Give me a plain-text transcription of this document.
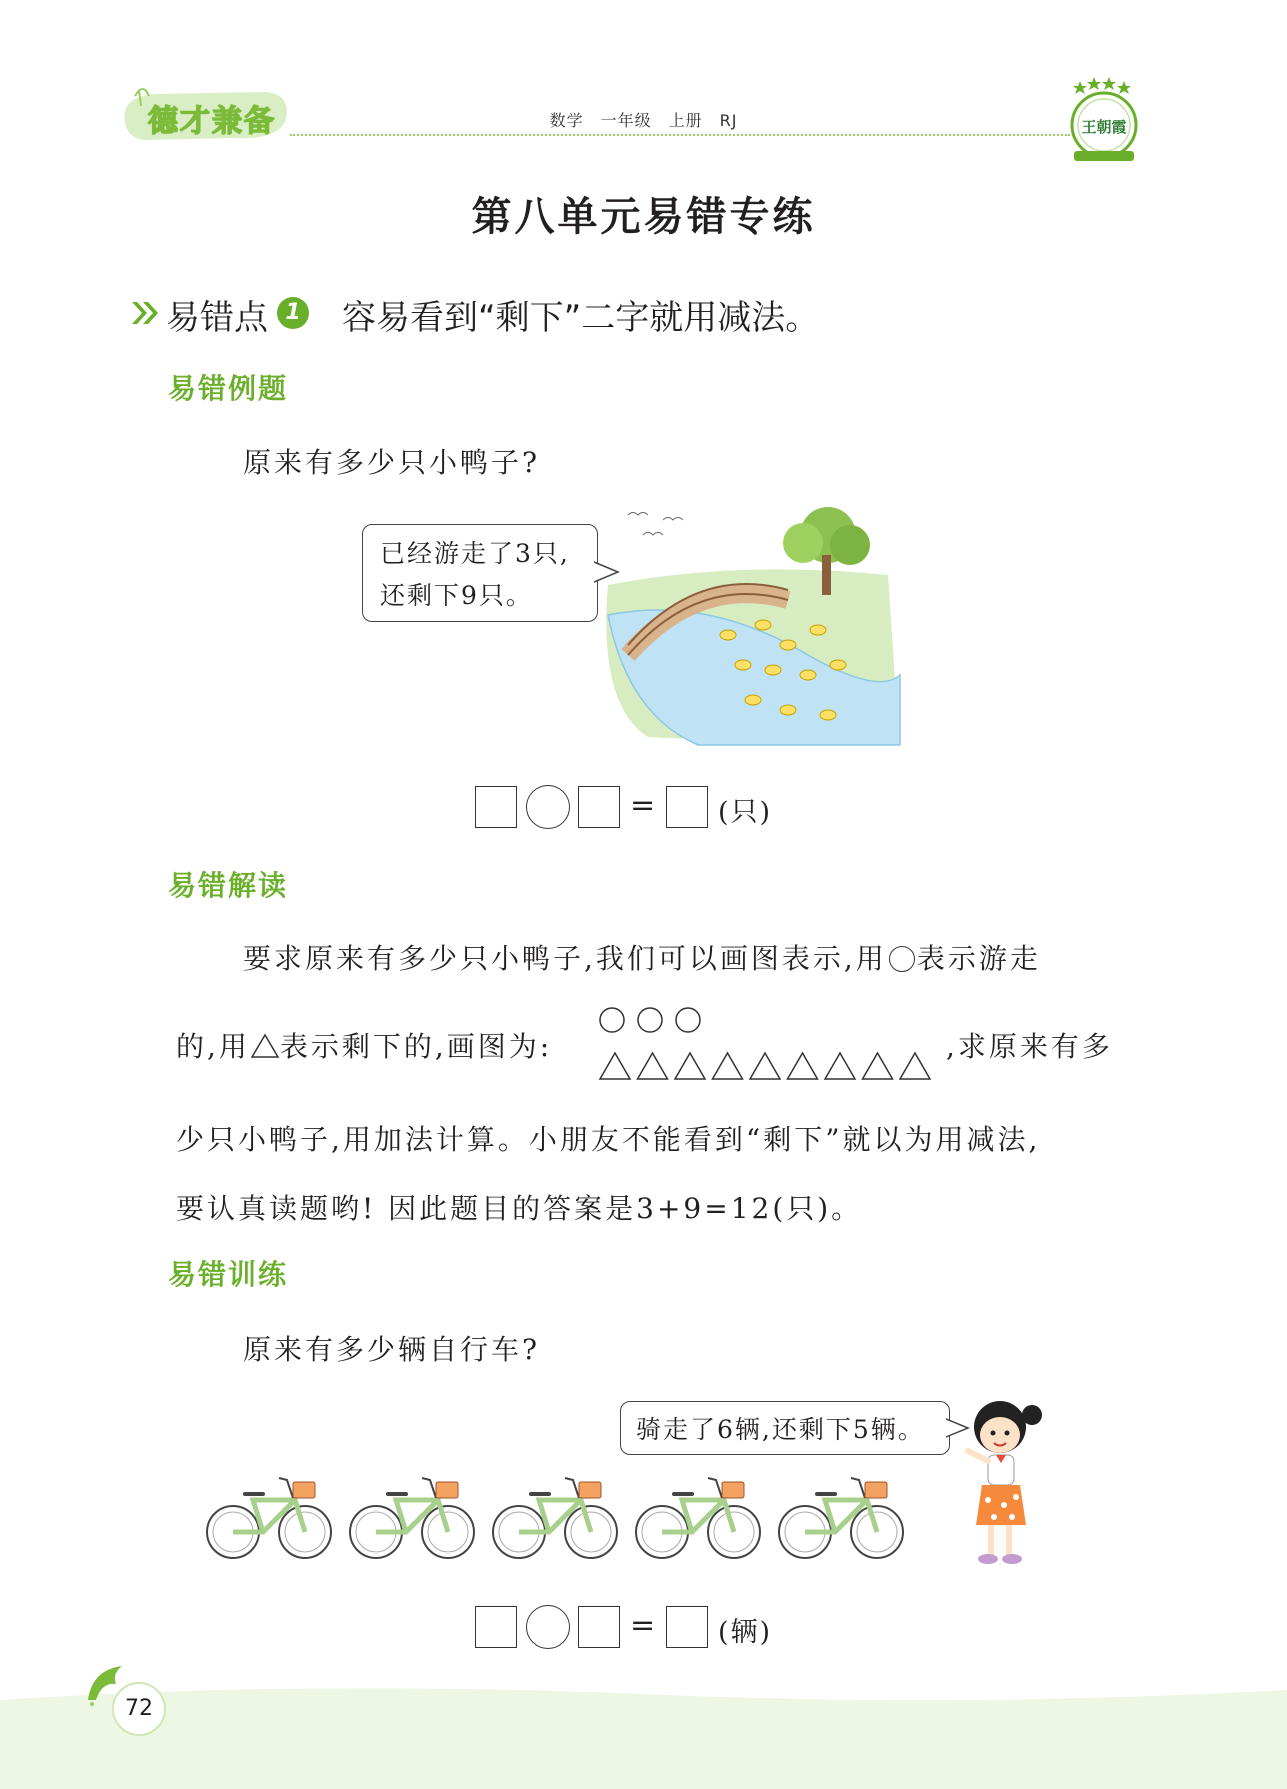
德才兼备	数学　一年级　上册　RJ	王朝霞
第八单元易错专练
易错点 1 容易看到“剩下”二字就用减法。
易错例题
原来有多少只小鸭子?
已经游走了3只,
还剩下9只。
= (只)
易错解读
要求原来有多少只小鸭子,我们可以画图表示,用 表示游走
的,用 表示剩下的,画图为:	,求原来有多
少只小鸭子,用加法计算。小朋友不能看到“剩下”就以为用减法,
要认真读题哟! 因此题目的答案是3+9=12(只)。
易错训练
原来有多少辆自行车?
骑走了6辆,还剩下5辆。
= (辆)
72
